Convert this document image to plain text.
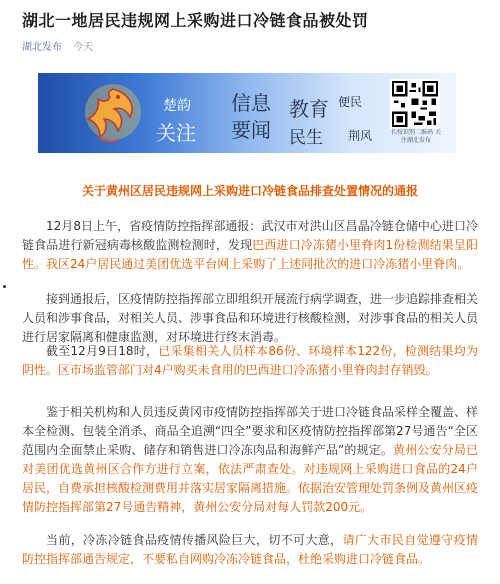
湖北一地居民违规网上采购进口冷链食品被处罚
湖北发布 今天
楚韵
关注
信息
要闻
教育
民生
便民
荆风	长按识别二维码 关注湖北发布
关于黄州区居民违规网上采购进口冷链食品排查处置情况的通报

12月8日上午，省疫情防控指挥部通报：武汉市对洪山区昌晶冷链仓储中心进口冷链食品进行新冠病毒核酸监测检测时，发现巴西进口冷冻猪小里脊肉1份检测结果呈阳性。我区24户居民通过美团优选平台网上采购了上述同批次的进口冷冻猪小里脊肉。

接到通报后，区疫情防控指挥部立即组织开展流行病学调查，进一步追踪排查相关人员和涉事食品，对相关人员、涉事食品和环境进行核酸检测，对涉事食品的相关人员进行居家隔离和健康监测，对环境进行终末消毒。

截至12月9日18时，已采集相关人员样本86份、环境样本122份，检测结果均为阴性。区市场监管部门对4户购买未食用的巴西进口冷冻猪小里脊肉封存销毁。

鉴于相关机构和人员违反黄冈市疫情防控指挥部关于进口冷链食品采样全覆盖、样本全检测、包装全消杀、商品全追溯“四全”要求和区疫情防控指挥部第27号通告“全区范围内全面禁止采购、储存和销售进口冷冻肉品和海鲜产品”的规定。黄州公安分局已对美团优选黄州区合作方进行立案，依法严肃查处。对违规网上采购进口食品的24户居民，自费承担核酸检测费用并落实居家隔离措施。依据治安管理处罚条例及黄州区疫情防控指挥部第27号通告精神，黄州公安分局对每人罚款200元。

当前，冷冻冷链食品疫情传播风险巨大，切不可大意，请广大市民自觉遵守疫情防控指挥部通告规定，不要私自网购冷冻冷链食品，杜绝采购进口冷链食品。
